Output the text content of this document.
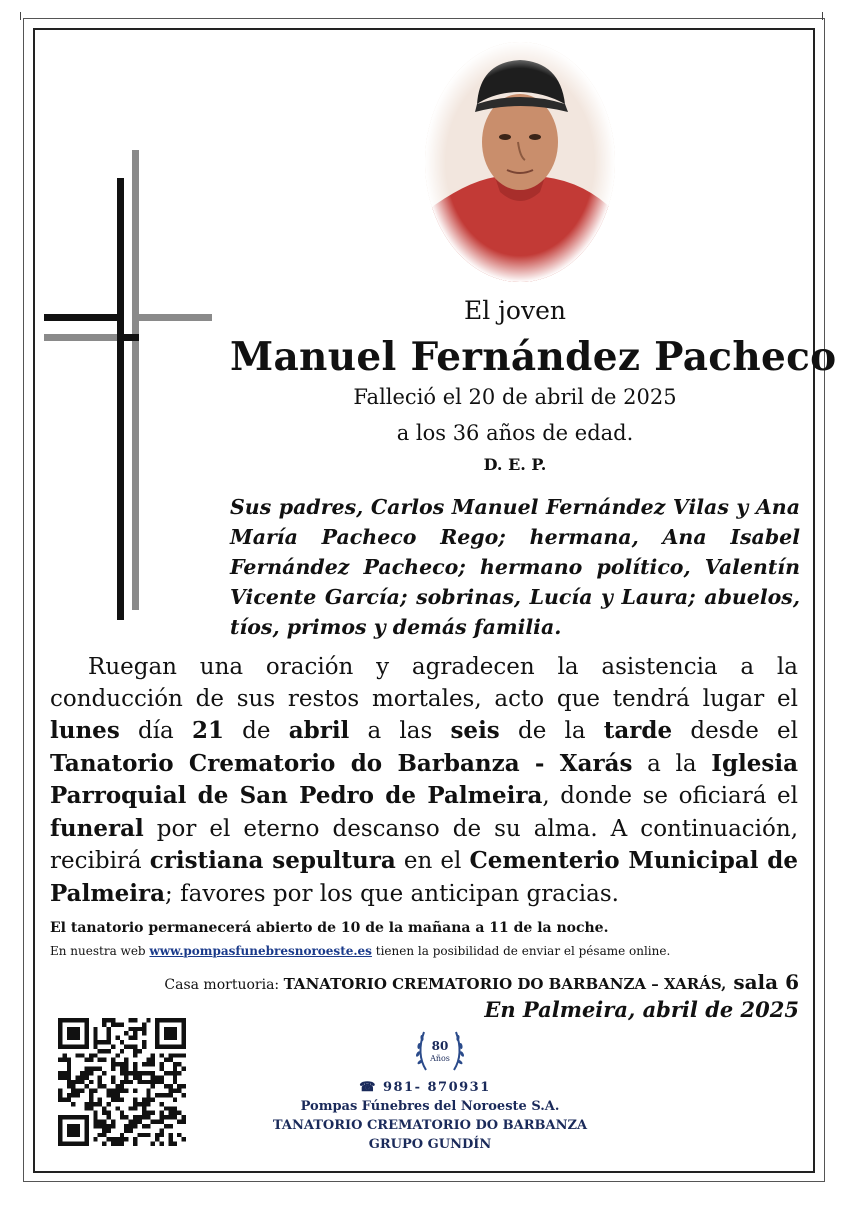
El joven
Manuel Fernández Pacheco
Falleció el 20 de abril de 2025
a los 36 años de edad.
D. E. P.
Sus padres, Carlos Manuel Fernández Vilas y Ana María Pacheco Rego; hermana, Ana Isabel Fernández Pacheco; hermano político, Valentín Vicente García; sobrinas, Lucía y Laura; abuelos, tíos, primos y demás familia.
Ruegan una oración y agradecen la asistencia a la conducción de sus restos mortales, acto que tendrá lugar el lunes día 21 de abril a las seis de la tarde desde el Tanatorio Crematorio do Barbanza - Xarás a la Iglesia Parroquial de San Pedro de Palmeira, donde se oficiará el funeral por el eterno descanso de su alma. A continuación, recibirá cristiana sepultura en el Cementerio Municipal de Palmeira; favores por los que anticipan gracias.
El tanatorio permanecerá abierto de 10 de la mañana a 11 de la noche.
En nuestra web www.pompasfunebresnoroeste.es tienen la posibilidad de enviar el pésame online.
Casa mortuoria: TANATORIO CREMATORIO DO BARBANZA – XARÁS, sala 6
En Palmeira, abril de 2025
80
Años
☎ 981- 870931
Pompas Fúnebres del Noroeste S.A.
TANATORIO CREMATORIO DO BARBANZA
GRUPO GUNDÍN
